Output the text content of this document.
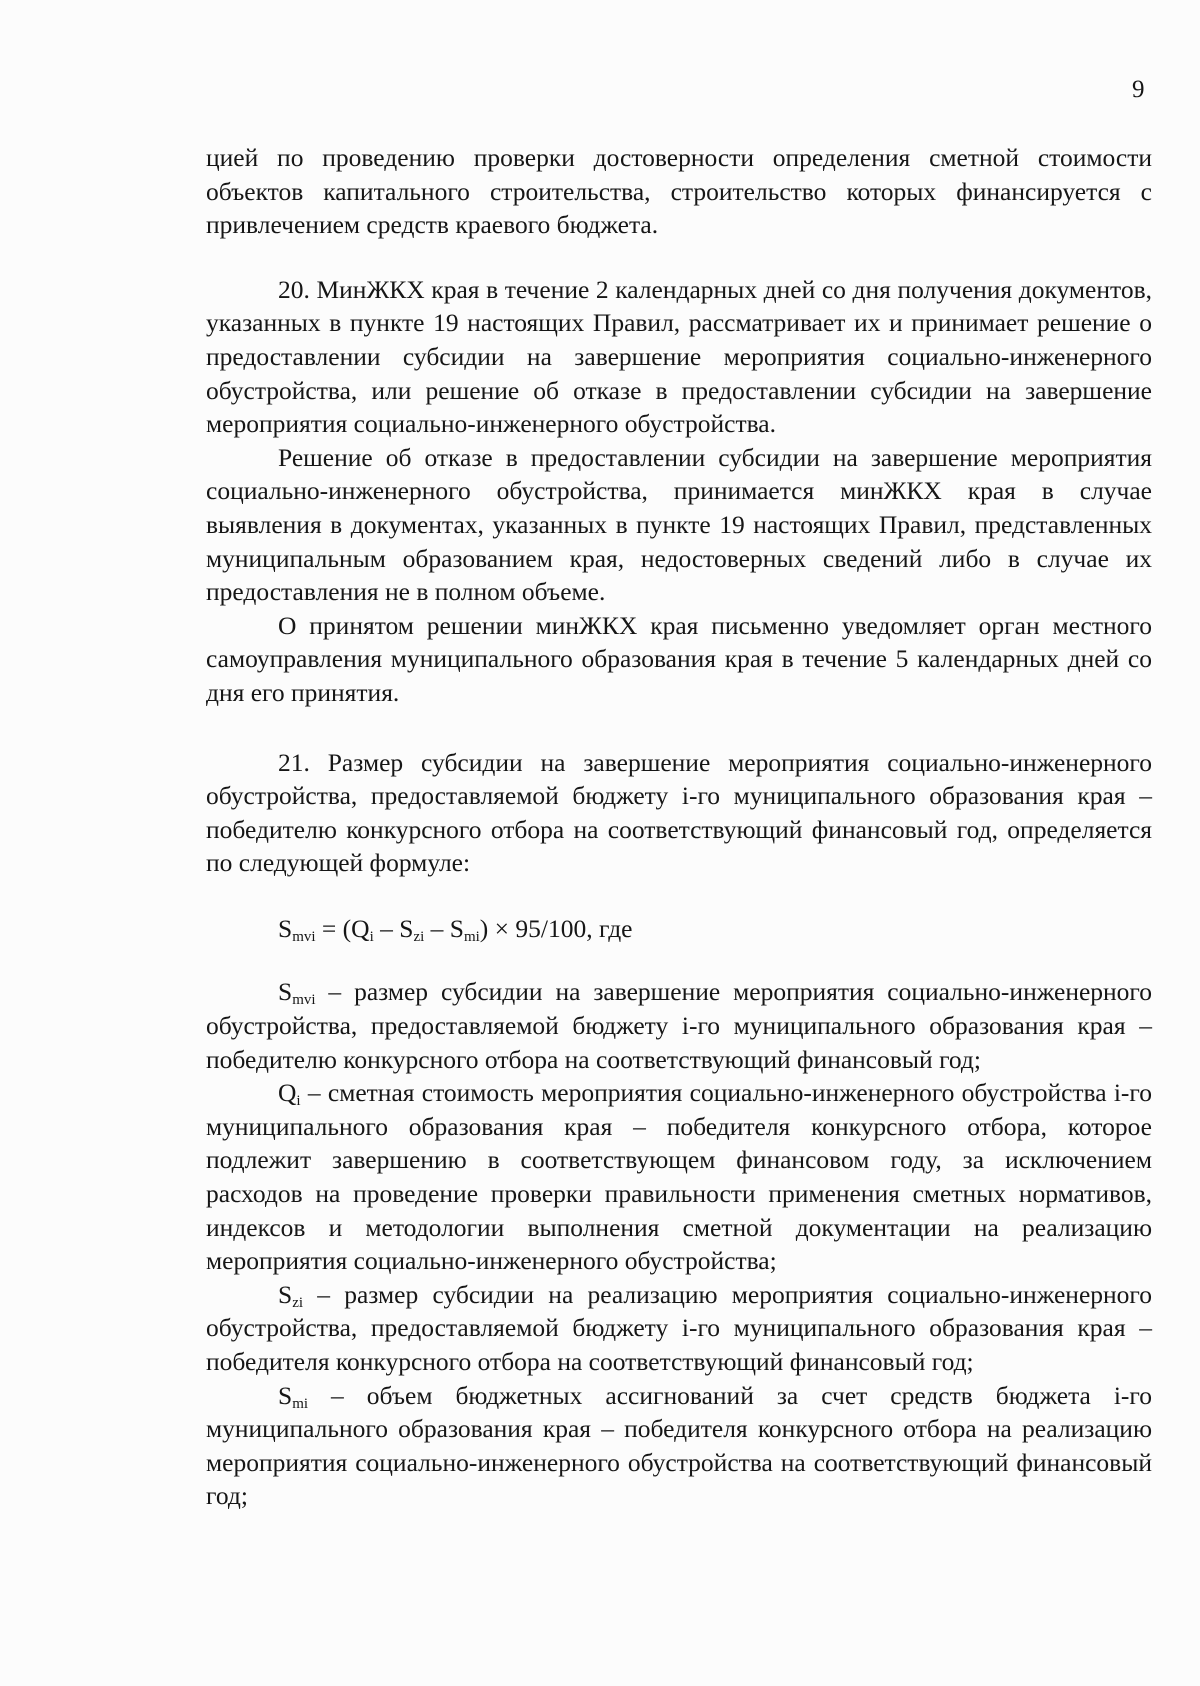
9

цией по проведению проверки достоверности определения сметной стоимости объектов капитального строительства, строительство которых финансируется с привлечением средств краевого бюджета.

20. МинЖКХ края в течение 2 календарных дней со дня получения документов, указанных в пункте 19 настоящих Правил, рассматривает их и принимает решение о предоставлении субсидии на завершение мероприятия социально-инженерного обустройства, или решение об отказе в предоставлении субсидии на завершение мероприятия социально-инженерного обустройства.

Решение об отказе в предоставлении субсидии на завершение мероприятия социально-инженерного обустройства, принимается минЖКХ края в случае выявления в документах, указанных в пункте 19 настоящих Правил, представленных муниципальным образованием края, недостоверных сведений либо в случае их предоставления не в полном объеме.

О принятом решении минЖКХ края письменно уведомляет орган местного самоуправления муниципального образования края в течение 5 календарных дней со дня его принятия.

21. Размер субсидии на завершение мероприятия социально-инженерного обустройства, предоставляемой бюджету i-го муниципального образования края – победителю конкурсного отбора на соответствующий финансовый год, определяется по следующей формуле:

$S_{mvi} = (Q_i - S_{zi} - S_{mi}) \times 95/100$, где

$S_{mvi}$ – размер субсидии на завершение мероприятия социально-инженерного обустройства, предоставляемой бюджету i-го муниципального образования края – победителю конкурсного отбора на соответствующий финансовый год;

$Q_i$ – сметная стоимость мероприятия социально-инженерного обустройства i-го муниципального образования края – победителя конкурсного отбора, которое подлежит завершению в соответствующем финансовом году, за исключением расходов на проведение проверки правильности применения сметных нормативов, индексов и методологии выполнения сметной документации на реализацию мероприятия социально-инженерного обустройства;

$S_{zi}$ – размер субсидии на реализацию мероприятия социально-инженерного обустройства, предоставляемой бюджету i-го муниципального образования края – победителя конкурсного отбора на соответствующий финансовый год;

$S_{mi}$ – объем бюджетных ассигнований за счет средств бюджета i-го муниципального образования края – победителя конкурсного отбора на реализацию мероприятия социально-инженерного обустройства на соответствующий финансовый год;
